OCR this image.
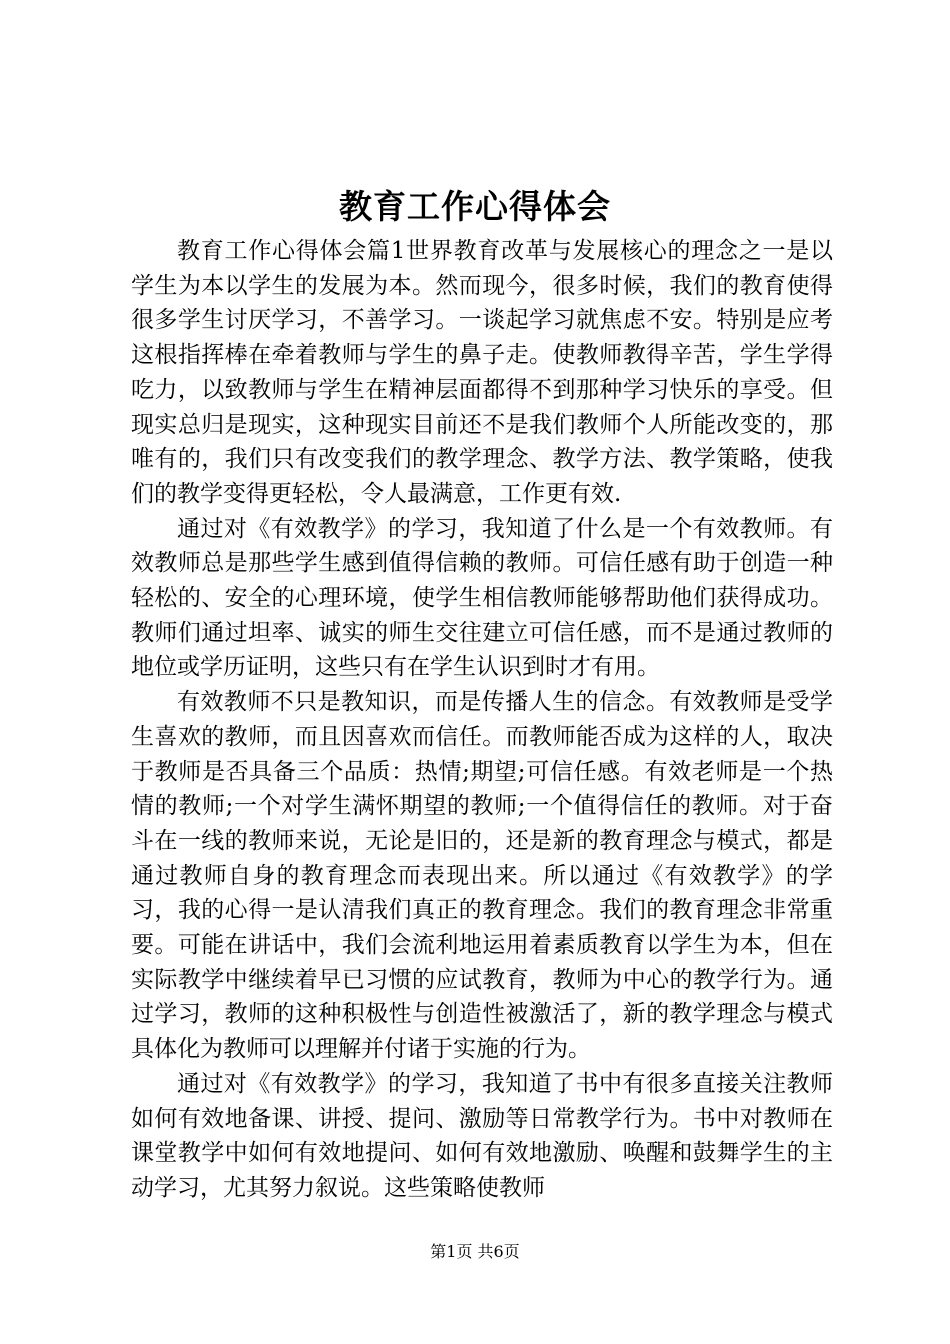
教育工作心得体会

教育工作心得体会篇1世界教育改革与发展核心的理念之一是以学生为本以学生的发展为本。然而现今，很多时候，我们的教育使得很多学生讨厌学习，不善学习。一谈起学习就焦虑不安。特别是应考这根指挥棒在牵着教师与学生的鼻子走。使教师教得辛苦，学生学得吃力，以致教师与学生在精神层面都得不到那种学习快乐的享受。但现实总归是现实，这种现实目前还不是我们教师个人所能改变的，那唯有的，我们只有改变我们的教学理念、教学方法、教学策略，使我们的教学变得更轻松，令人最满意，工作更有效.

通过对《有效教学》的学习，我知道了什么是一个有效教师。有效教师总是那些学生感到值得信赖的教师。可信任感有助于创造一种轻松的、安全的心理环境，使学生相信教师能够帮助他们获得成功。教师们通过坦率、诚实的师生交往建立可信任感，而不是通过教师的地位或学历证明，这些只有在学生认识到时才有用。

有效教师不只是教知识，而是传播人生的信念。有效教师是受学生喜欢的教师，而且因喜欢而信任。而教师能否成为这样的人，取决于教师是否具备三个品质：热情;期望;可信任感。有效老师是一个热情的教师;一个对学生满怀期望的教师;一个值得信任的教师。对于奋斗在一线的教师来说，无论是旧的，还是新的教育理念与模式，都是通过教师自身的教育理念而表现出来。所以通过《有效教学》的学习，我的心得一是认清我们真正的教育理念。我们的教育理念非常重要。可能在讲话中，我们会流利地运用着素质教育以学生为本，但在实际教学中继续着早已习惯的应试教育，教师为中心的教学行为。通过学习，教师的这种积极性与创造性被激活了，新的教学理念与模式具体化为教师可以理解并付诸于实施的行为。

通过对《有效教学》的学习，我知道了书中有很多直接关注教师如何有效地备课、讲授、提问、激励等日常教学行为。书中对教师在课堂教学中如何有效地提问、如何有效地激励、唤醒和鼓舞学生的主动学习，尤其努力叙说。这些策略使教师

第1页 共6页
